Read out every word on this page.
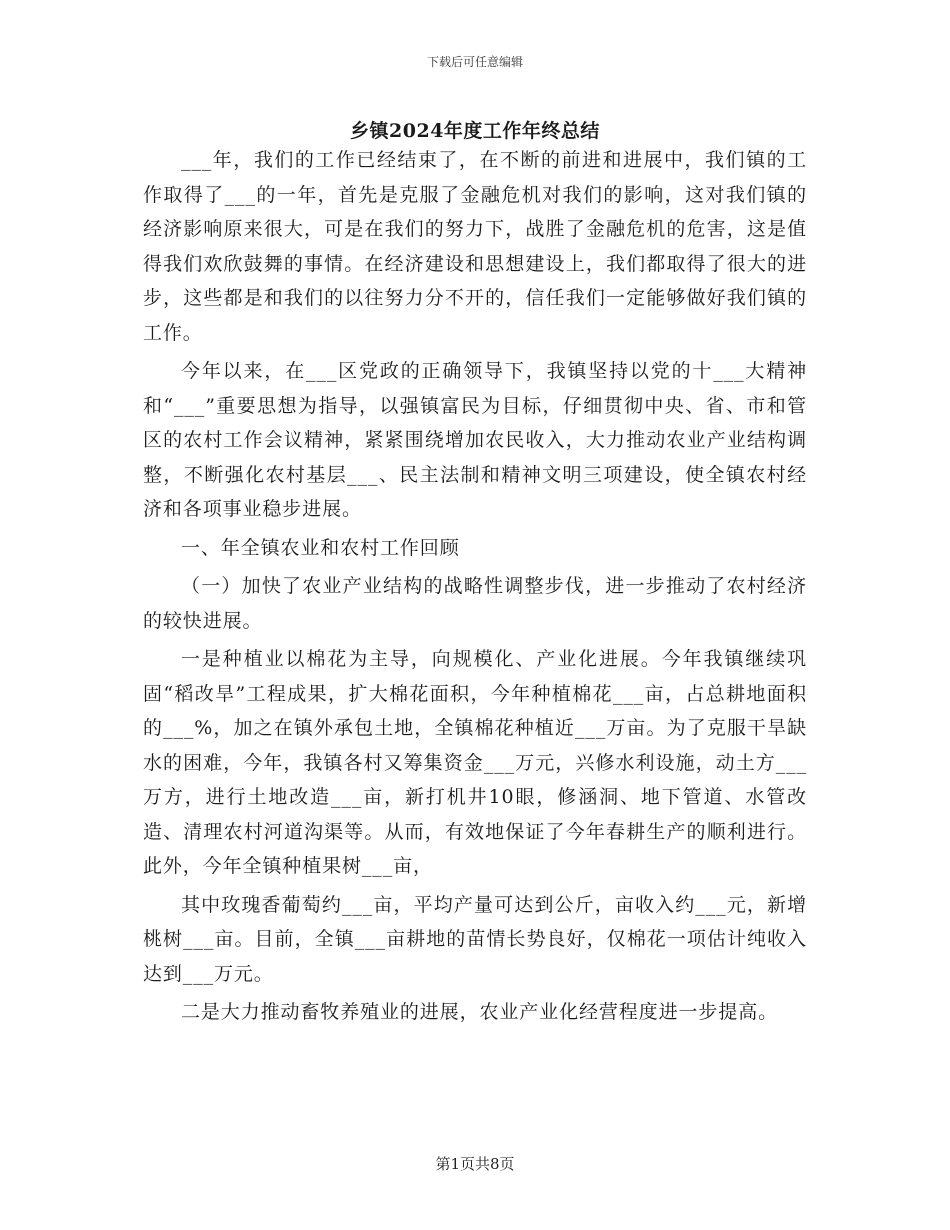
下载后可任意编辑
乡镇2024年度工作年终总结

___年，我们的工作已经结束了，在不断的前进和进展中，我们镇的工作取得了___的一年，首先是克服了金融危机对我们的影响，这对我们镇的经济影响原来很大，可是在我们的努力下，战胜了金融危机的危害，这是值得我们欢欣鼓舞的事情。在经济建设和思想建设上，我们都取得了很大的进步，这些都是和我们的以往努力分不开的，信任我们一定能够做好我们镇的工作。

今年以来，在___区党政的正确领导下，我镇坚持以党的十___大精神和“___”重要思想为指导，以强镇富民为目标，仔细贯彻中央、省、市和管区的农村工作会议精神，紧紧围绕增加农民收入，大力推动农业产业结构调整，不断强化农村基层___、民主法制和精神文明三项建设，使全镇农村经济和各项事业稳步进展。

一、年全镇农业和农村工作回顾

（一）加快了农业产业结构的战略性调整步伐，进一步推动了农村经济的较快进展。

一是种植业以棉花为主导，向规模化、产业化进展。今年我镇继续巩固“稻改旱”工程成果，扩大棉花面积，今年种植棉花___亩，占总耕地面积的___%，加之在镇外承包土地，全镇棉花种植近___万亩。为了克服干旱缺水的困难，今年，我镇各村又筹集资金___万元，兴修水利设施，动土方___万方，进行土地改造___亩，新打机井10眼，修涵洞、地下管道、水管改造、清理农村河道沟渠等。从而，有效地保证了今年春耕生产的顺利进行。此外，今年全镇种植果树___亩，

其中玫瑰香葡萄约___亩，平均产量可达到公斤，亩收入约___元，新增桃树___亩。目前，全镇___亩耕地的苗情长势良好，仅棉花一项估计纯收入达到___万元。

二是大力推动畜牧养殖业的进展，农业产业化经营程度进一步提高。

第1页共8页
